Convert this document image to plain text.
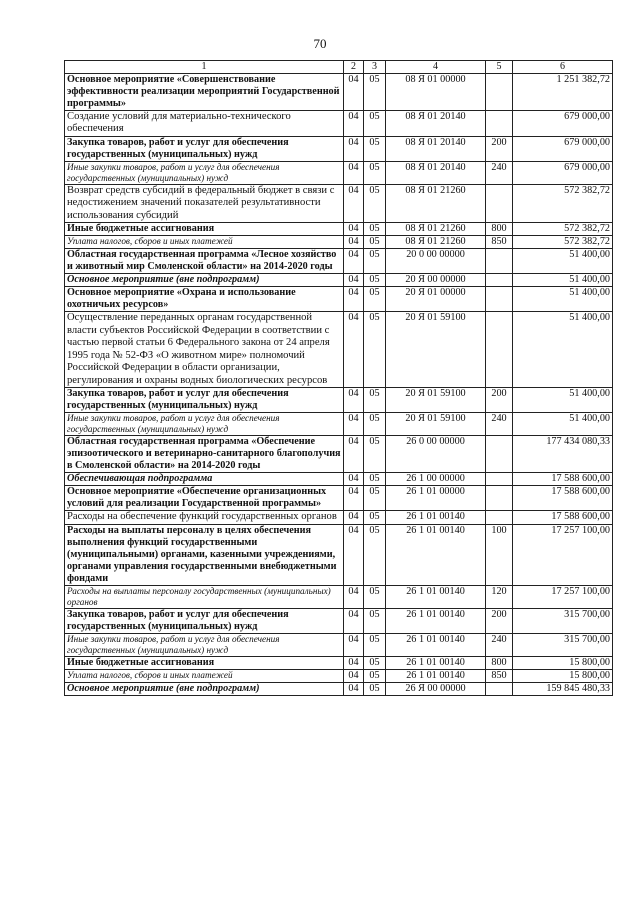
70
1	2	3	4	5	6
Основное мероприятие «Совершенствование эффективности реализации мероприятий Государственной программы»	04	05	08 Я 01 00000		1 251 382,72
Создание условий для материально-технического обеспечения	04	05	08 Я 01 20140		679 000,00
Закупка товаров, работ и услуг для обеспечения государственных (муниципальных) нужд	04	05	08 Я 01 20140	200	679 000,00
Иные закупки товаров, работ и услуг для обеспечения государственных (муниципальных) нужд	04	05	08 Я 01 20140	240	679 000,00
Возврат средств субсидий в федеральный бюджет в связи с недостижением значений показателей результативности использования субсидий	04	05	08 Я 01 21260		572 382,72
Иные бюджетные ассигнования	04	05	08 Я 01 21260	800	572 382,72
Уплата налогов, сборов и иных платежей	04	05	08 Я 01 21260	850	572 382,72
Областная государственная программа «Лесное хозяйство и животный мир Смоленской области» на 2014-2020 годы	04	05	20 0 00 00000		51 400,00
Основное мероприятие (вне подпрограмм)	04	05	20 Я 00 00000		51 400,00
Основное мероприятие «Охрана и использование охотничьих ресурсов»	04	05	20 Я 01 00000		51 400,00
Осуществление переданных органам государственной власти субъектов Российской Федерации в соответствии с частью первой статьи 6 Федерального закона от 24 апреля 1995 года № 52-ФЗ «О животном мире» полномочий Российской Федерации в области организации, регулирования и охраны водных биологических ресурсов	04	05	20 Я 01 59100		51 400,00
Закупка товаров, работ и услуг для обеспечения государственных (муниципальных) нужд	04	05	20 Я 01 59100	200	51 400,00
Иные закупки товаров, работ и услуг для обеспечения государственных (муниципальных) нужд	04	05	20 Я 01 59100	240	51 400,00
Областная государственная программа «Обеспечение эпизоотического и ветеринарно-санитарного благополучия в Смоленской области» на 2014-2020 годы	04	05	26 0 00 00000		177 434 080,33
Обеспечивающая подпрограмма	04	05	26 1 00 00000		17 588 600,00
Основное мероприятие «Обеспечение организационных условий для реализации Государственной программы»	04	05	26 1 01 00000		17 588 600,00
Расходы на обеспечение функций государственных органов	04	05	26 1 01 00140		17 588 600,00
Расходы на выплаты персоналу в целях обеспечения выполнения функций государственными (муниципальными) органами, казенными учреждениями, органами управления государственными внебюджетными фондами	04	05	26 1 01 00140	100	17 257 100,00
Расходы на выплаты персоналу государственных (муниципальных) органов	04	05	26 1 01 00140	120	17 257 100,00
Закупка товаров, работ и услуг для обеспечения государственных (муниципальных) нужд	04	05	26 1 01 00140	200	315 700,00
Иные закупки товаров, работ и услуг для обеспечения государственных (муниципальных) нужд	04	05	26 1 01 00140	240	315 700,00
Иные бюджетные ассигнования	04	05	26 1 01 00140	800	15 800,00
Уплата налогов, сборов и иных платежей	04	05	26 1 01 00140	850	15 800,00
Основное мероприятие (вне подпрограмм)	04	05	26 Я 00 00000		159 845 480,33
